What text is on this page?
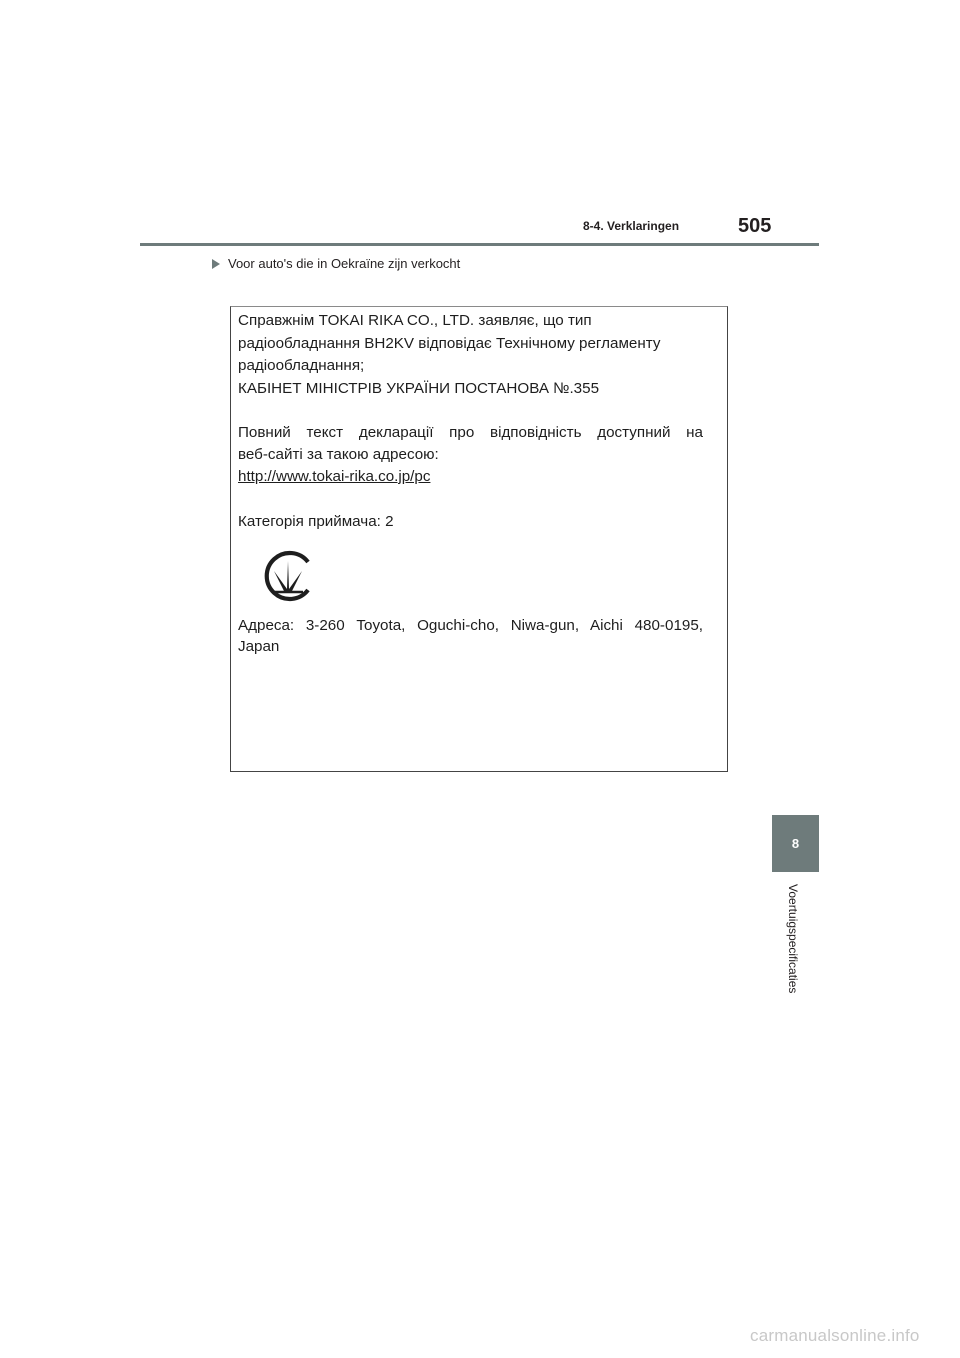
8-4. Verklaringen	505
Voor auto's die in Oekraïne zijn verkocht
Справжнім TOKAI RIKA CO., LTD. заявляє, що тип
радіообладнання BH2KV відповідає Технічному регламенту
радіообладнання;
КАБІНЕТ МІНІСТРІВ УКРАЇНИ ПОСТАНОВА №.355
Повний текст декларації про відповідність доступний на
веб-сайті за такою адресою:
http://www.tokai-rika.co.jp/pc
Категорія приймача: 2
Адреса: 3-260 Toyota, Oguchi-cho, Niwa-gun, Aichi 480-0195,
Japan
8
Voertuigspecificaties
carmanualsonline.info
